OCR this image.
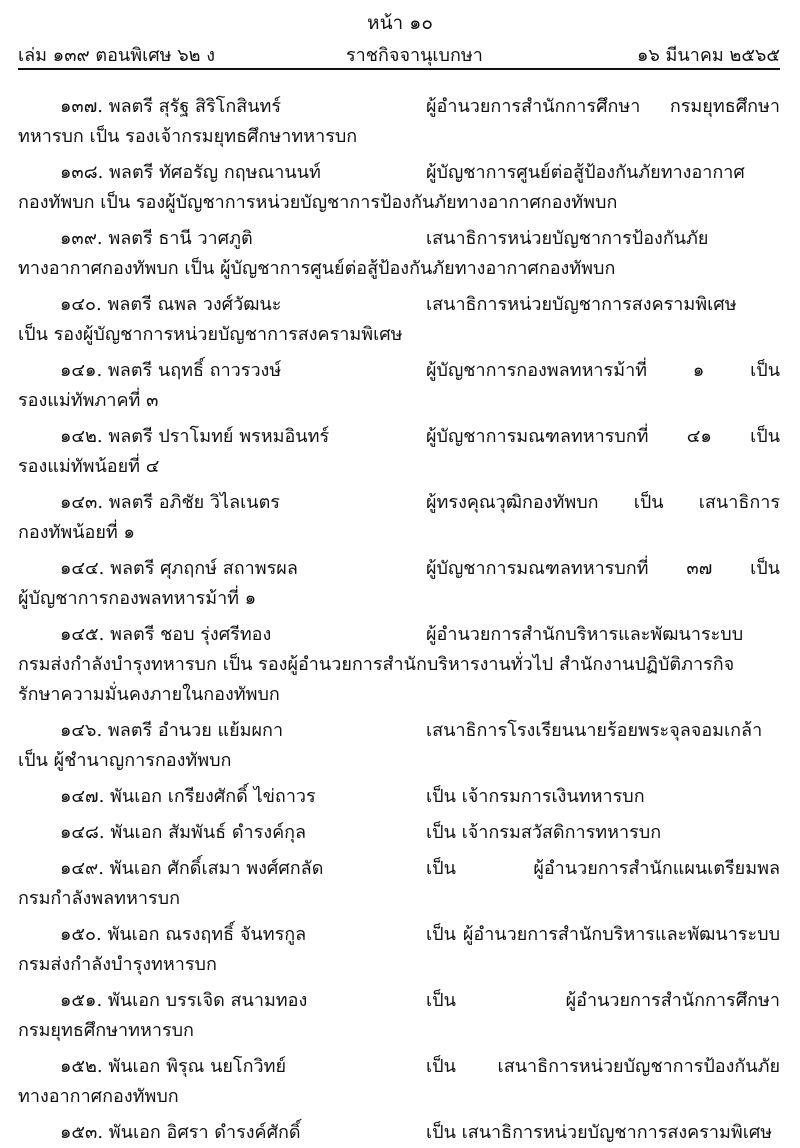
หน้า ๑๐
เล่ม ๑๓๙ ตอนพิเศษ ๖๒ ง	ราชกิจจานุเบกษา	๑๖ มีนาคม ๒๕๖๕
๑๓๗. พลตรี สุรัฐ สิริโกสินทร์	ผู้อำนวยการสำนักการศึกษา กรมยุทธศึกษา
ทหารบก เป็น รองเจ้ากรมยุทธศึกษาทหารบก
๑๓๘. พลตรี ทัศอรัญ กฤษณานนท์	ผู้บัญชาการศูนย์ต่อสู้ป้องกันภัยทางอากาศ
กองทัพบก เป็น รองผู้บัญชาการหน่วยบัญชาการป้องกันภัยทางอากาศกองทัพบก
๑๓๙. พลตรี ธานี วาศภูติ	เสนาธิการหน่วยบัญชาการป้องกันภัย
ทางอากาศกองทัพบก เป็น ผู้บัญชาการศูนย์ต่อสู้ป้องกันภัยทางอากาศกองทัพบก
๑๔๐. พลตรี ณพล วงศ์วัฒนะ	เสนาธิการหน่วยบัญชาการสงครามพิเศษ
เป็น รองผู้บัญชาการหน่วยบัญชาการสงครามพิเศษ
๑๔๑. พลตรี นฤทธิ์ ถาวรวงษ์	ผู้บัญชาการกองพลทหารม้าที่ ๑ เป็น
รองแม่ทัพภาคที่ ๓
๑๔๒. พลตรี ปราโมทย์ พรหมอินทร์	ผู้บัญชาการมณฑลทหารบกที่ ๔๑ เป็น
รองแม่ทัพน้อยที่ ๔
๑๔๓. พลตรี อภิชัย วิไลเนตร	ผู้ทรงคุณวุฒิกองทัพบก เป็น เสนาธิการ
กองทัพน้อยที่ ๑
๑๔๔. พลตรี ศุภฤกษ์ สถาพรผล	ผู้บัญชาการมณฑลทหารบกที่ ๓๗ เป็น
ผู้บัญชาการกองพลทหารม้าที่ ๑
๑๔๕. พลตรี ชอบ รุ่งศรีทอง	ผู้อำนวยการสำนักบริหารและพัฒนาระบบ
กรมส่งกำลังบำรุงทหารบก เป็น รองผู้อำนวยการสำนักบริหารงานทั่วไป สำนักงานปฏิบัติภารกิจ
รักษาความมั่นคงภายในกองทัพบก
๑๔๖. พลตรี อำนวย แย้มผกา	เสนาธิการโรงเรียนนายร้อยพระจุลจอมเกล้า
เป็น ผู้ชำนาญการกองทัพบก
๑๔๗. พันเอก เกรียงศักดิ์ ไข่ถาวร	เป็น เจ้ากรมการเงินทหารบก
๑๔๘. พันเอก สัมพันธ์ ดำรงค์กุล	เป็น เจ้ากรมสวัสดิการทหารบก
๑๔๙. พันเอก ศักดิ์เสมา พงศ์ศกลัด	เป็น ผู้อำนวยการสำนักแผนเตรียมพล
กรมกำลังพลทหารบก
๑๕๐. พันเอก ณรงฤทธิ์ จันทรกูล	เป็น ผู้อำนวยการสำนักบริหารและพัฒนาระบบ
กรมส่งกำลังบำรุงทหารบก
๑๕๑. พันเอก บรรเจิด สนามทอง	เป็น ผู้อำนวยการสำนักการศึกษา
กรมยุทธศึกษาทหารบก
๑๕๒. พันเอก พิรุณ นยโกวิทย์	เป็น เสนาธิการหน่วยบัญชาการป้องกันภัย
ทางอากาศกองทัพบก
๑๕๓. พันเอก อิศรา ดำรงค์ศักดิ์	เป็น เสนาธิการหน่วยบัญชาการสงครามพิเศษ
